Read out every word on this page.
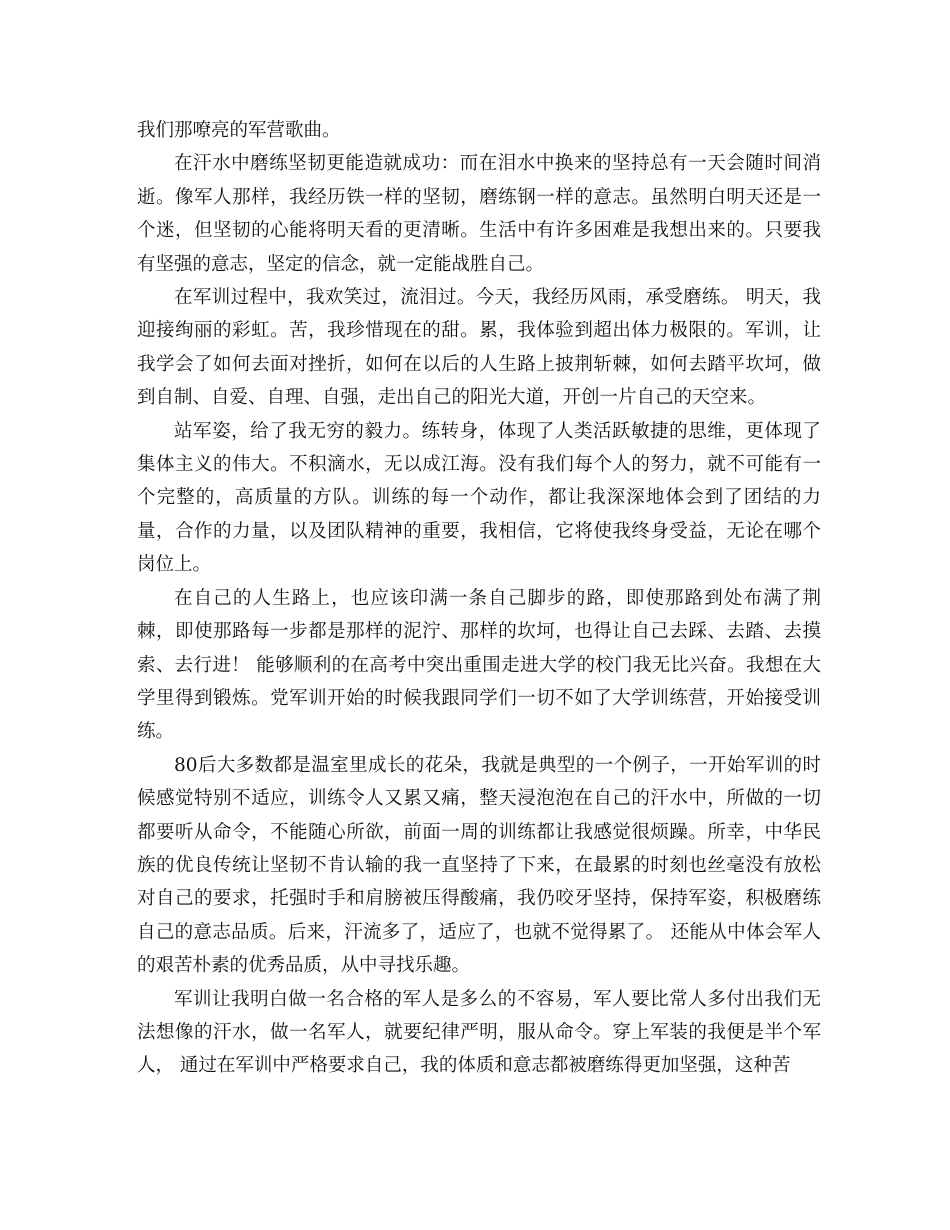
我们那嘹亮的军营歌曲。

在汗水中磨练坚韧更能造就成功：而在泪水中换来的坚持总有一天会随时间消逝。像军人那样，我经历铁一样的坚韧，磨练钢一样的意志。虽然明白明天还是一个迷，但坚韧的心能将明天看的更清晰。生活中有许多困难是我想出来的。只要我有坚强的意志，坚定的信念，就一定能战胜自己。

在军训过程中，我欢笑过，流泪过。今天，我经历风雨，承受磨练。 明天，我迎接绚丽的彩虹。苦，我珍惜现在的甜。累，我体验到超出体力极限的。军训，让我学会了如何去面对挫折，如何在以后的人生路上披荆斩棘，如何去踏平坎坷，做到自制、自爱、自理、自强，走出自己的阳光大道，开创一片自己的天空来。

站军姿，给了我无穷的毅力。练转身，体现了人类活跃敏捷的思维，更体现了集体主义的伟大。不积滴水，无以成江海。没有我们每个人的努力，就不可能有一个完整的，高质量的方队。训练的每一个动作，都让我深深地体会到了团结的力量，合作的力量，以及团队精神的重要，我相信，它将使我终身受益，无论在哪个岗位上。

在自己的人生路上，也应该印满一条自己脚步的路，即使那路到处布满了荆棘，即使那路每一步都是那样的泥泞、那样的坎坷，也得让自己去踩、去踏、去摸索、去行进！ 能够顺利的在高考中突出重围走进大学的校门我无比兴奋。我想在大学里得到锻炼。党军训开始的时候我跟同学们一切不如了大学训练营，开始接受训练。

80后大多数都是温室里成长的花朵，我就是典型的一个例子，一开始军训的时候感觉特别不适应，训练令人又累又痛，整天浸泡泡在自己的汗水中，所做的一切都要听从命令，不能随心所欲，前面一周的训练都让我感觉很烦躁。所幸，中华民族的优良传统让坚韧不肯认输的我一直坚持了下来，在最累的时刻也丝毫没有放松对自己的要求，托强时手和肩膀被压得酸痛，我仍咬牙坚持，保持军姿，积极磨练自己的意志品质。后来，汗流多了，适应了，也就不觉得累了。 还能从中体会军人的艰苦朴素的优秀品质，从中寻找乐趣。

军训让我明白做一名合格的军人是多么的不容易，军人要比常人多付出我们无法想像的汗水，做一名军人，就要纪律严明，服从命令。穿上军装的我便是半个军人， 通过在军训中严格要求自己，我的体质和意志都被磨练得更加坚强，这种苦
